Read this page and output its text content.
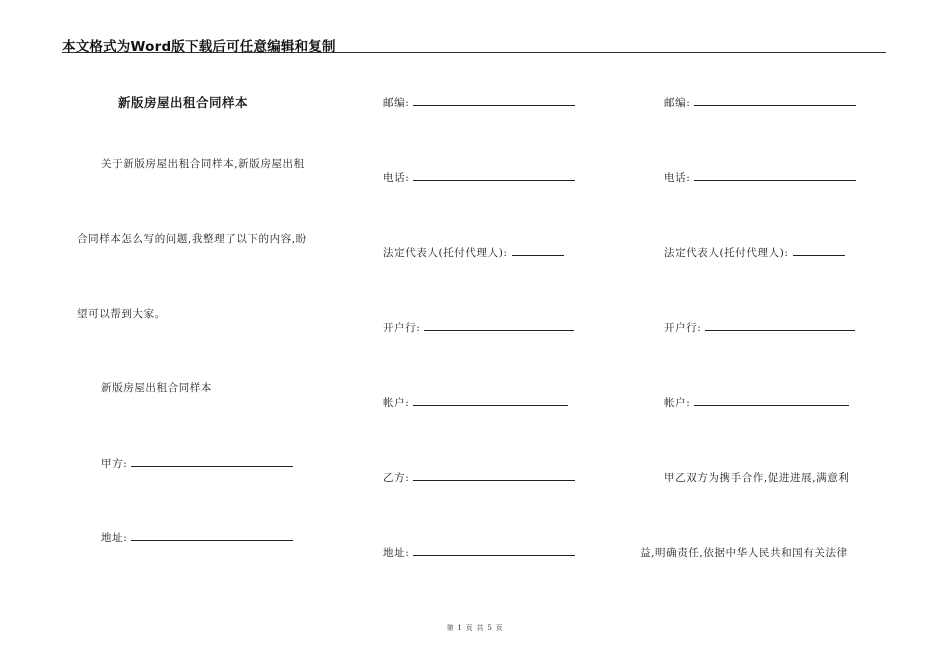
本文格式为Word版下载后可任意编辑和复制
新版房屋出租合同样本
关于新版房屋出租合同样本,新版房屋出租
合同样本怎么写的问题,我整理了以下的内容,盼
望可以帮到大家。
新版房屋出租合同样本
甲方:
地址:
邮编:
电话:
法定代表人(托付代理人):
开户行:
帐户:
乙方:
地址:
邮编:
电话:
法定代表人(托付代理人):
开户行:
帐户:
甲乙双方为携手合作,促进进展,满意利
益,明确责任,依据中华人民共和国有关法律
第 1 页 共 5 页
